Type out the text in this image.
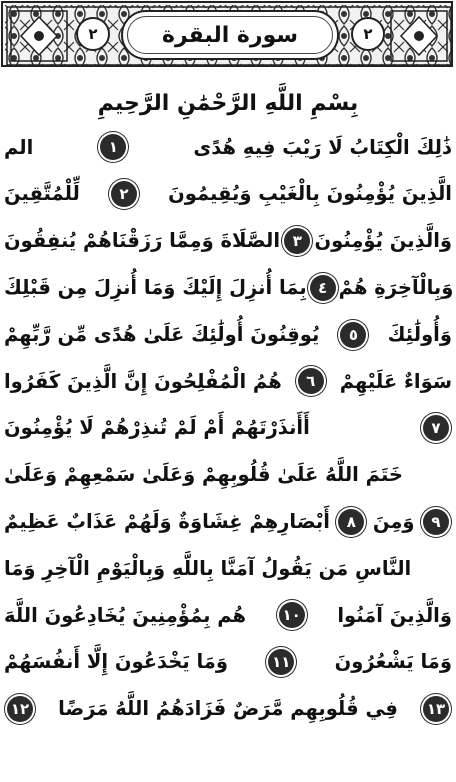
٢	سورة البقرة	٢
بِسْمِ اللَّهِ الرَّحْمَٰنِ الرَّحِيمِ
الم	١	ذَٰلِكَ الْكِتَابُ لَا رَيْبَ فِيهِ هُدًى
لِّلْمُتَّقِينَ	٢	الَّذِينَ يُؤْمِنُونَ بِالْغَيْبِ وَيُقِيمُونَ
الصَّلَاةَ وَمِمَّا رَزَقْنَاهُمْ يُنفِقُونَ ٣ وَالَّذِينَ يُؤْمِنُونَ
بِمَا أُنزِلَ إِلَيْكَ وَمَا أُنزِلَ مِن قَبْلِكَ ٤ وَبِالْآخِرَةِ هُمْ
يُوقِنُونَ أُولَٰئِكَ عَلَىٰ هُدًى مِّن رَّبِّهِمْ	٥	وَأُولَٰئِكَ
هُمُ الْمُفْلِحُونَ إِنَّ الَّذِينَ كَفَرُوا	٦	سَوَاءٌ عَلَيْهِمْ
أَأَنذَرْتَهُمْ أَمْ لَمْ تُنذِرْهُمْ لَا يُؤْمِنُونَ	٧
خَتَمَ اللَّهُ عَلَىٰ قُلُوبِهِمْ وَعَلَىٰ سَمْعِهِمْ وَعَلَىٰ
أَبْصَارِهِمْ غِشَاوَةٌ وَلَهُمْ عَذَابٌ عَظِيمٌ	٨ وَمِنَ	٩
النَّاسِ مَن يَقُولُ آمَنَّا بِاللَّهِ وَبِالْيَوْمِ الْآخِرِ وَمَا
هُم بِمُؤْمِنِينَ يُخَادِعُونَ اللَّهَ ١٠ وَالَّذِينَ آمَنُوا
وَمَا يَخْدَعُونَ إِلَّا أَنفُسَهُمْ	١١ وَمَا يَشْعُرُونَ
١٢ فِي قُلُوبِهِم مَّرَضٌ فَزَادَهُمُ اللَّهُ مَرَضًا ١٣
